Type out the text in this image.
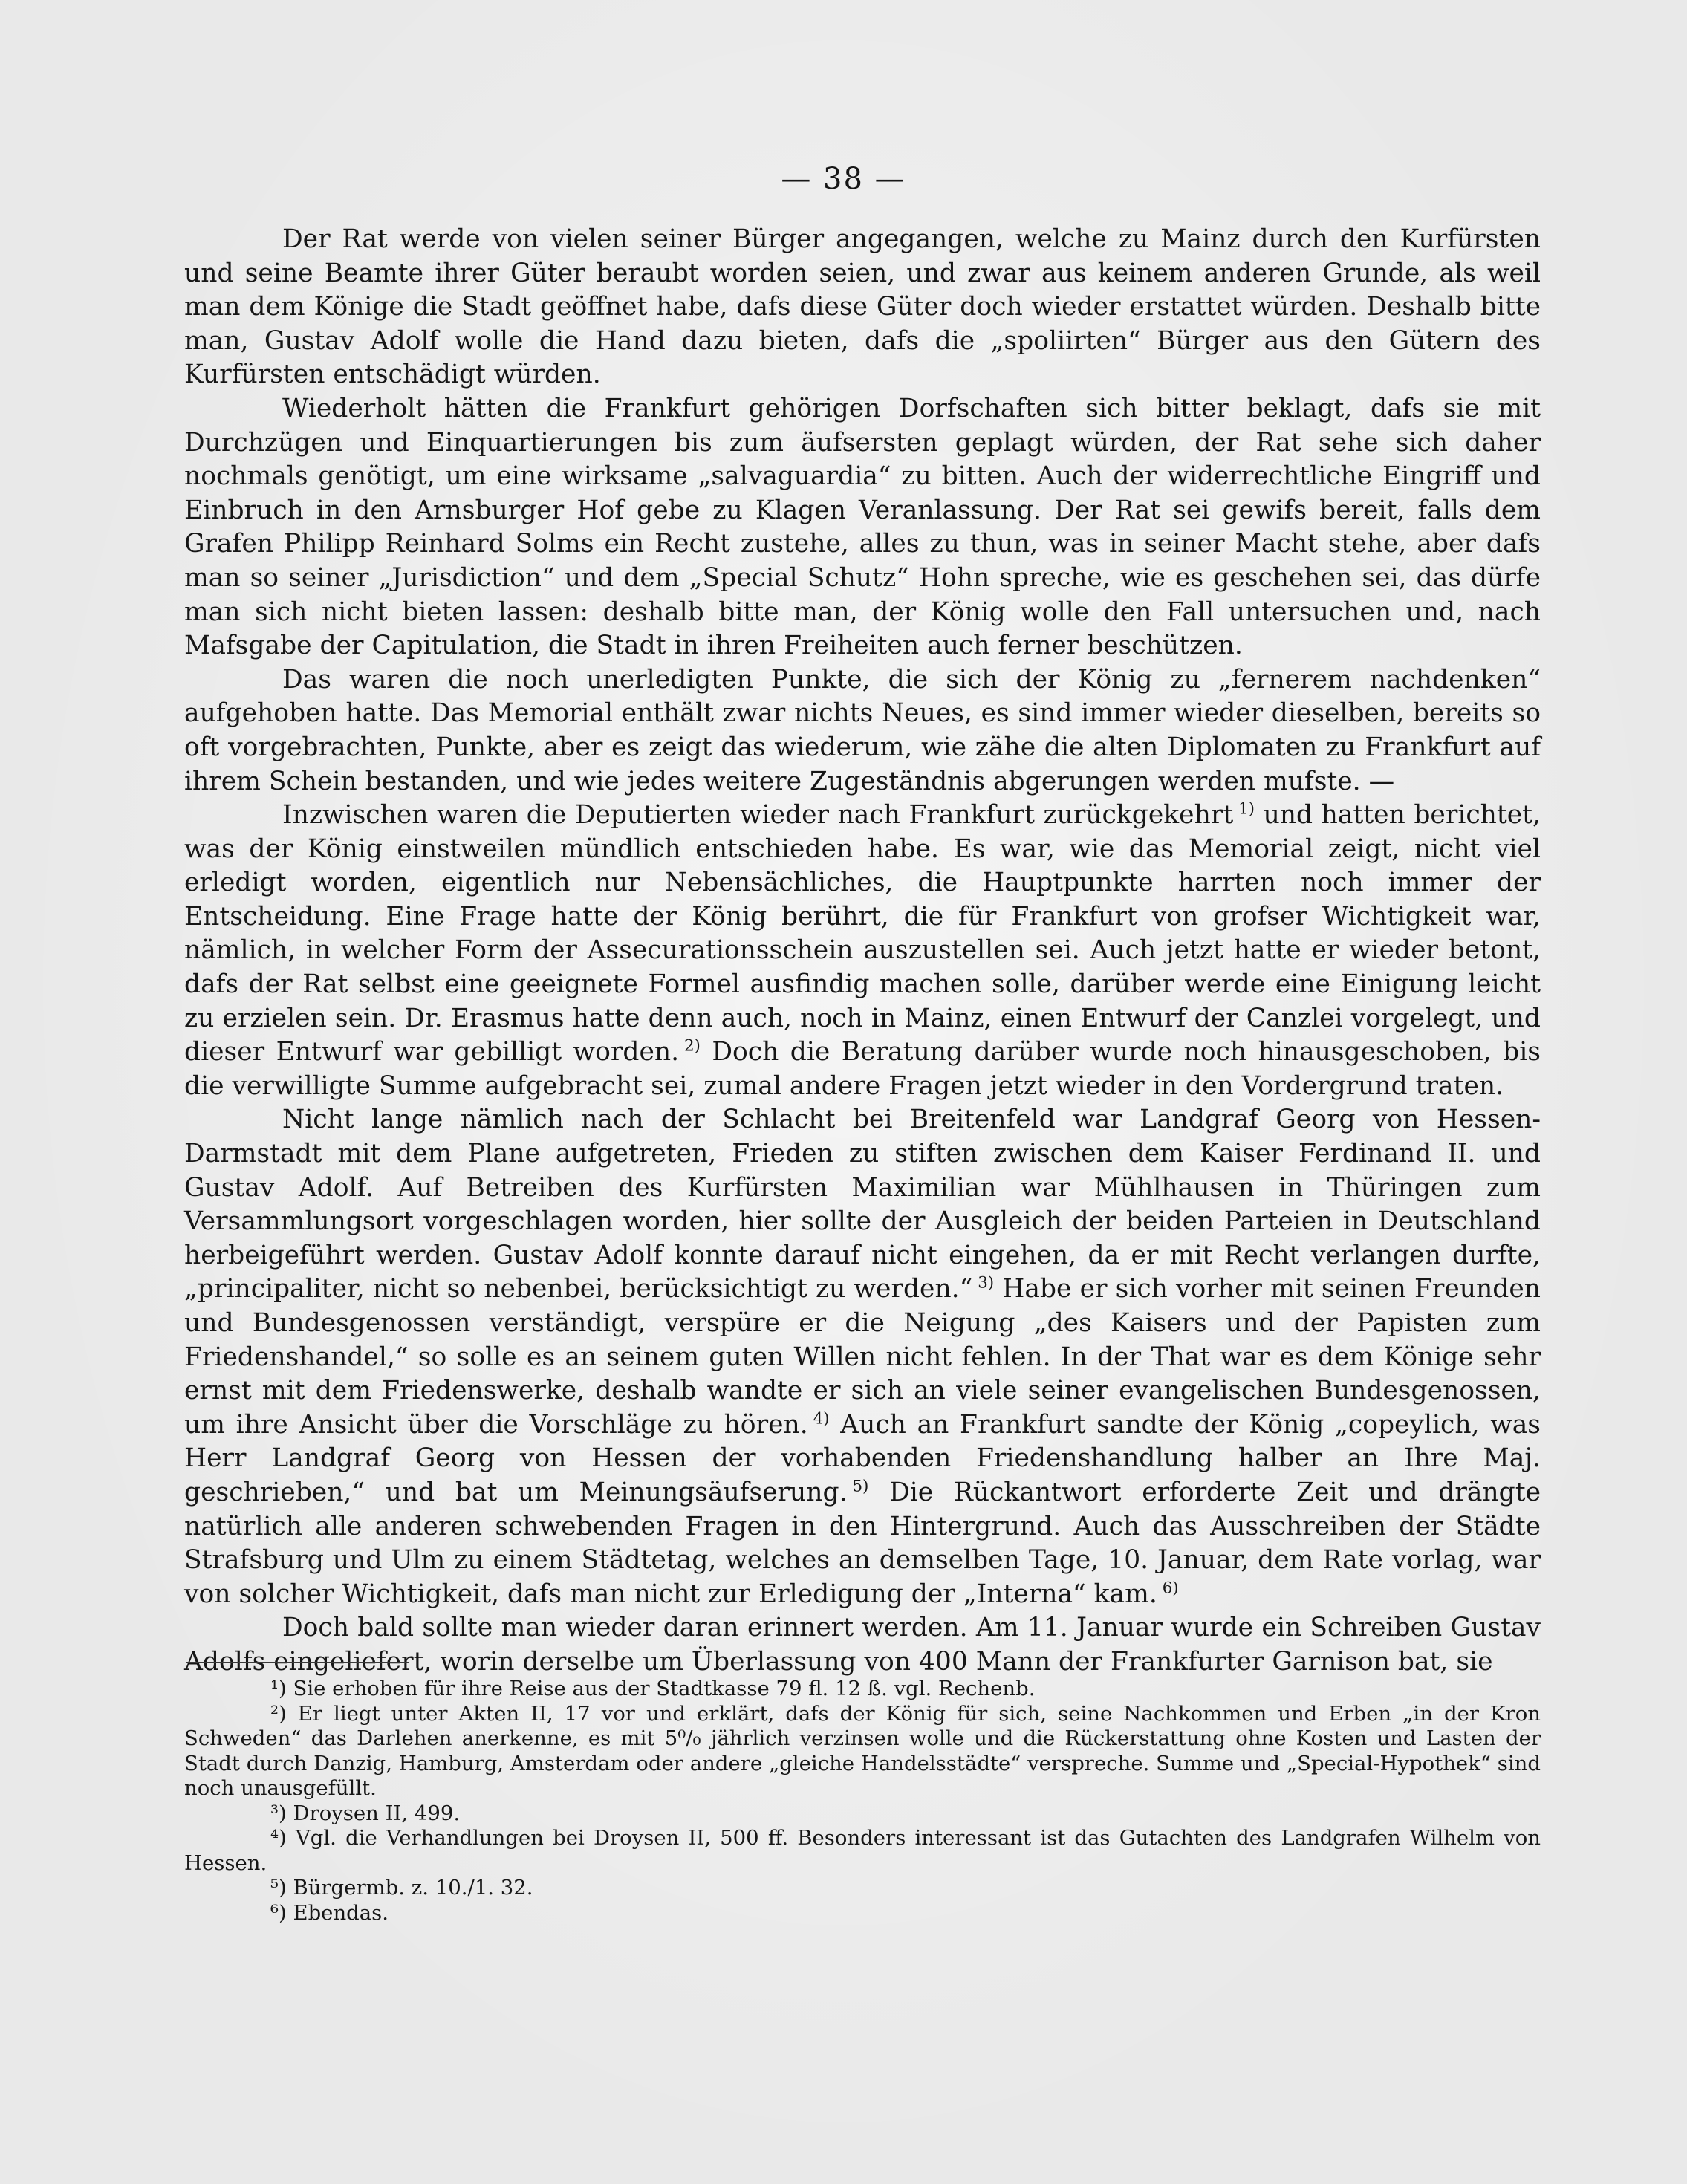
— 38 —

Der Rat werde von vielen seiner Bürger angegangen, welche zu Mainz durch den Kurfürsten und seine Beamte ihrer Güter beraubt worden seien, und zwar aus keinem anderen Grunde, als weil man dem Könige die Stadt geöffnet habe, dafs diese Güter doch wieder erstattet würden. Deshalb bitte man, Gustav Adolf wolle die Hand dazu bieten, dafs die „spoliirten“ Bürger aus den Gütern des Kurfürsten entschädigt würden.

Wiederholt hätten die Frankfurt gehörigen Dorfschaften sich bitter beklagt, dafs sie mit Durchzügen und Einquartierungen bis zum äufsersten geplagt würden, der Rat sehe sich daher nochmals genötigt, um eine wirksame „salvaguardia“ zu bitten. Auch der widerrechtliche Eingriff und Einbruch in den Arnsburger Hof gebe zu Klagen Veranlassung. Der Rat sei gewifs bereit, falls dem Grafen Philipp Reinhard Solms ein Recht zustehe, alles zu thun, was in seiner Macht stehe, aber dafs man so seiner „Jurisdiction“ und dem „Special Schutz“ Hohn spreche, wie es geschehen sei, das dürfe man sich nicht bieten lassen: deshalb bitte man, der König wolle den Fall untersuchen und, nach Mafsgabe der Capitulation, die Stadt in ihren Freiheiten auch ferner beschützen.

Das waren die noch unerledigten Punkte, die sich der König zu „fernerem nachdenken“ aufgehoben hatte. Das Memorial enthält zwar nichts Neues, es sind immer wieder dieselben, bereits so oft vorgebrachten, Punkte, aber es zeigt das wiederum, wie zähe die alten Diplomaten zu Frankfurt auf ihrem Schein bestanden, und wie jedes weitere Zugeständnis abgerungen werden mufste. —

Inzwischen waren die Deputierten wieder nach Frankfurt zurückgekehrt  $^{1)}$ und hatten berichtet, was der König einstweilen mündlich entschieden habe. Es war, wie das Memorial zeigt, nicht viel erledigt worden, eigentlich nur Nebensächliches, die Hauptpunkte harrten noch immer der Entscheidung. Eine Frage hatte der König berührt, die für Frankfurt von grofser Wichtigkeit war, nämlich, in welcher Form der Assecurationsschein auszustellen sei. Auch jetzt hatte er wieder betont, dafs der Rat selbst eine geeignete Formel ausfindig machen solle, darüber werde eine Einigung leicht zu erzielen sein. Dr. Erasmus hatte denn auch, noch in Mainz, einen Entwurf der Canzlei vorgelegt, und dieser Entwurf war gebilligt worden.  $^{2)}$ Doch die Beratung darüber wurde noch hinausgeschoben, bis die verwilligte Summe aufgebracht sei, zumal andere Fragen jetzt wieder in den Vordergrund traten.

Nicht lange nämlich nach der Schlacht bei Breitenfeld war Landgraf Georg von Hessen-Darmstadt mit dem Plane aufgetreten, Frieden zu stiften zwischen dem Kaiser Ferdinand II. und Gustav Adolf. Auf Betreiben des Kurfürsten Maximilian war Mühlhausen in Thüringen zum Versammlungsort vorgeschlagen worden, hier sollte der Ausgleich der beiden Parteien in Deutschland herbeigeführt werden. Gustav Adolf konnte darauf nicht eingehen, da er mit Recht verlangen durfte, „principaliter, nicht so nebenbei, berücksichtigt zu werden.“  $^{3)}$ Habe er sich vorher mit seinen Freunden und Bundesgenossen verständigt, verspüre er die Neigung „des Kaisers und der Papisten zum Friedenshandel,“ so solle es an seinem guten Willen nicht fehlen. In der That war es dem Könige sehr ernst mit dem Friedenswerke, deshalb wandte er sich an viele seiner evangelischen Bundesgenossen, um ihre Ansicht über die Vorschläge zu hören.  $^{4)}$ Auch an Frankfurt sandte der König „copeylich, was Herr Landgraf Georg von Hessen der vorhabenden Friedenshandlung halber an Ihre Maj. geschrieben,“ und bat um Meinungsäufserung.  $^{5)}$ Die Rückantwort erforderte Zeit und drängte natürlich alle anderen schwebenden Fragen in den Hintergrund. Auch das Ausschreiben der Städte Strafsburg und Ulm zu einem Städtetag, welches an demselben Tage, 10. Januar, dem Rate vorlag, war von solcher Wichtigkeit, dafs man nicht zur Erledigung der „Interna“ kam.  $^{6)}$

Doch bald sollte man wieder daran erinnert werden. Am 11. Januar wurde ein Schreiben Gustav Adolfs eingeliefert, worin derselbe um Überlassung von 400 Mann der Frankfurter Garnison bat, sie

¹) Sie erhoben für ihre Reise aus der Stadtkasse 79 fl. 12 ß. vgl. Rechenb.

²) Er liegt unter Akten II, 17 vor und erklärt, dafs der König für sich, seine Nachkommen und Erben „in der Kron Schweden“ das Darlehen anerkenne, es mit 5⁰/₀ jährlich verzinsen wolle und die Rückerstattung ohne Kosten und Lasten der Stadt durch Danzig, Hamburg, Amsterdam oder andere „gleiche Handelsstädte“ verspreche. Summe und „Special-Hypothek“ sind noch unausgefüllt.

³) Droysen II, 499.

⁴) Vgl. die Verhandlungen bei Droysen II, 500 ff. Besonders interessant ist das Gutachten des Landgrafen Wilhelm von Hessen.

⁵) Bürgermb. z. 10./1. 32.

⁶) Ebendas.
